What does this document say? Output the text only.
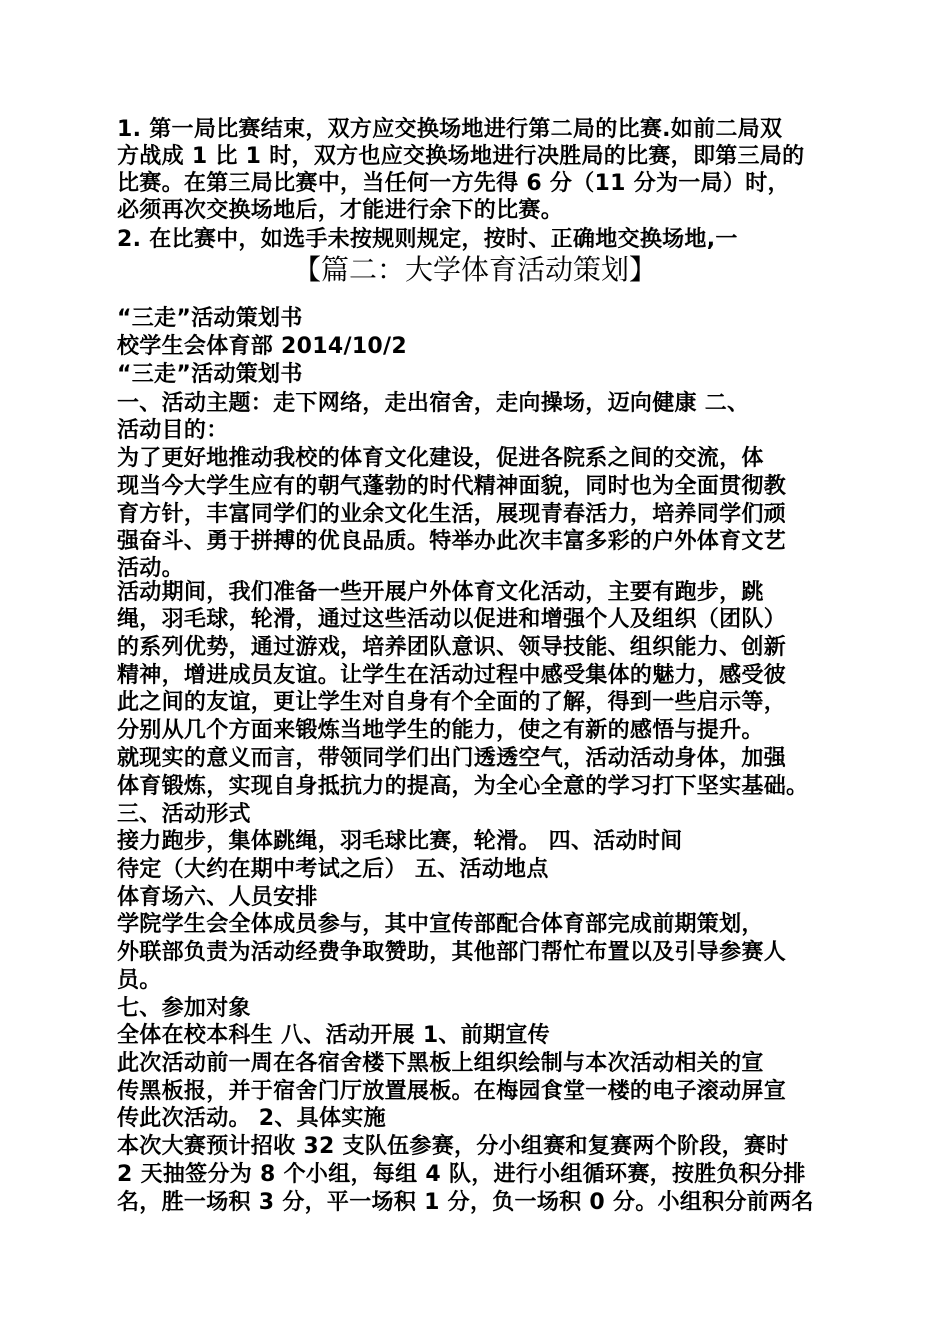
1. 第一局比赛结束，双方应交换场地进行第二局的比赛.如前二局双
方战成 1 比 1 时，双方也应交换场地进行决胜局的比赛，即第三局的
比赛。在第三局比赛中，当任何一方先得 6 分（11 分为一局）时，
必须再次交换场地后，才能进行余下的比赛。
2. 在比赛中，如选手未按规则规定，按时、正确地交换场地,一
【篇二：大学体育活动策划】
“三走”活动策划书
校学生会体育部 2014/10/2
“三走”活动策划书
一、活动主题：走下网络，走出宿舍，走向操场，迈向健康 二、
活动目的：
为了更好地推动我校的体育文化建设，促进各院系之间的交流，体
现当今大学生应有的朝气蓬勃的时代精神面貌，同时也为全面贯彻教
育方针，丰富同学们的业余文化生活，展现青春活力，培养同学们顽
强奋斗、勇于拼搏的优良品质。特举办此次丰富多彩的户外体育文艺
活动。
活动期间，我们准备一些开展户外体育文化活动，主要有跑步，跳
绳，羽毛球，轮滑，通过这些活动以促进和增强个人及组织（团队）
的系列优势，通过游戏，培养团队意识、领导技能、组织能力、创新
精神，增进成员友谊。让学生在活动过程中感受集体的魅力，感受彼
此之间的友谊，更让学生对自身有个全面的了解，得到一些启示等，
分别从几个方面来锻炼当地学生的能力，使之有新的感悟与提升。
就现实的意义而言，带领同学们出门透透空气，活动活动身体，加强
体育锻炼，实现自身抵抗力的提高，为全心全意的学习打下坚实基础。
三、活动形式
接力跑步，集体跳绳，羽毛球比赛，轮滑。 四、活动时间
待定（大约在期中考试之后） 五、活动地点
体育场六、人员安排
学院学生会全体成员参与，其中宣传部配合体育部完成前期策划，
外联部负责为活动经费争取赞助，其他部门帮忙布置以及引导参赛人
员。
七、参加对象
全体在校本科生 八、活动开展 1、前期宣传
此次活动前一周在各宿舍楼下黑板上组织绘制与本次活动相关的宣
传黑板报，并于宿舍门厅放置展板。在梅园食堂一楼的电子滚动屏宣
传此次活动。 2、具体实施
本次大赛预计招收 32 支队伍参赛，分小组赛和复赛两个阶段，赛时
2 天抽签分为 8 个小组，每组 4 队，进行小组循环赛，按胜负积分排
名，胜一场积 3 分，平一场积 1 分，负一场积 0 分。小组积分前两名
